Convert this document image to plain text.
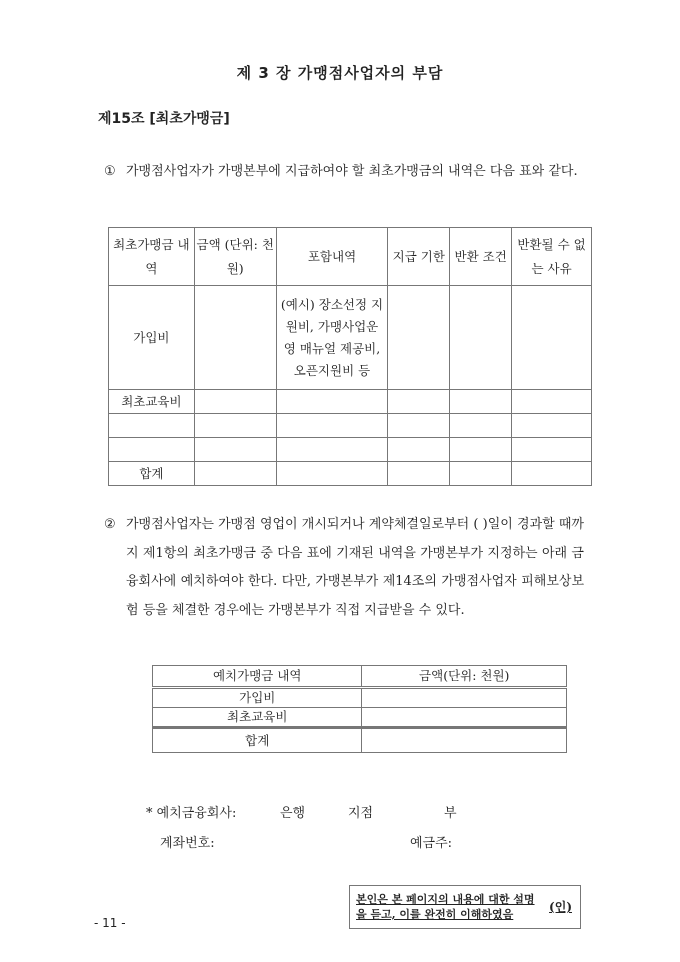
제 3 장 가맹점사업자의 부담
제15조 [최초가맹금]
① 가맹점사업자가 가맹본부에 지급하여야 할 최초가맹금의 내역은 다음 표와 같다.
최초가맹금 내역	금액 (단위: 천원)	포함내역	지급 기한	반환 조건	반환될 수 없는 사유
가입비		(예시) 장소선정 지원비, 가맹사업운영 매뉴얼 제공비, 오픈지원비 등			
최초교육비					

합계					
② 가맹점사업자는 가맹점 영업이 개시되거나 계약체결일로부터 ( )일이 경과할 때까지 제1항의 최초가맹금 중 다음 표에 기재된 내역을 가맹본부가 지정하는 아래 금융회사에 예치하여야 한다. 다만, 가맹본부가 제14조의 가맹점사업자 피해보상보험 등을 체결한 경우에는 가맹본부가 직접 지급받을 수 있다.
예치가맹금 내역	금액(단위: 천원)
가입비	
최초교육비	

합계	
* 예치금융회사:	은행	지점	부
계좌번호:	예금주:
본인은 본 페이지의 내용에 대한 설명을 듣고, 이를 완전히 이해하였음
(인)
- 11 -
